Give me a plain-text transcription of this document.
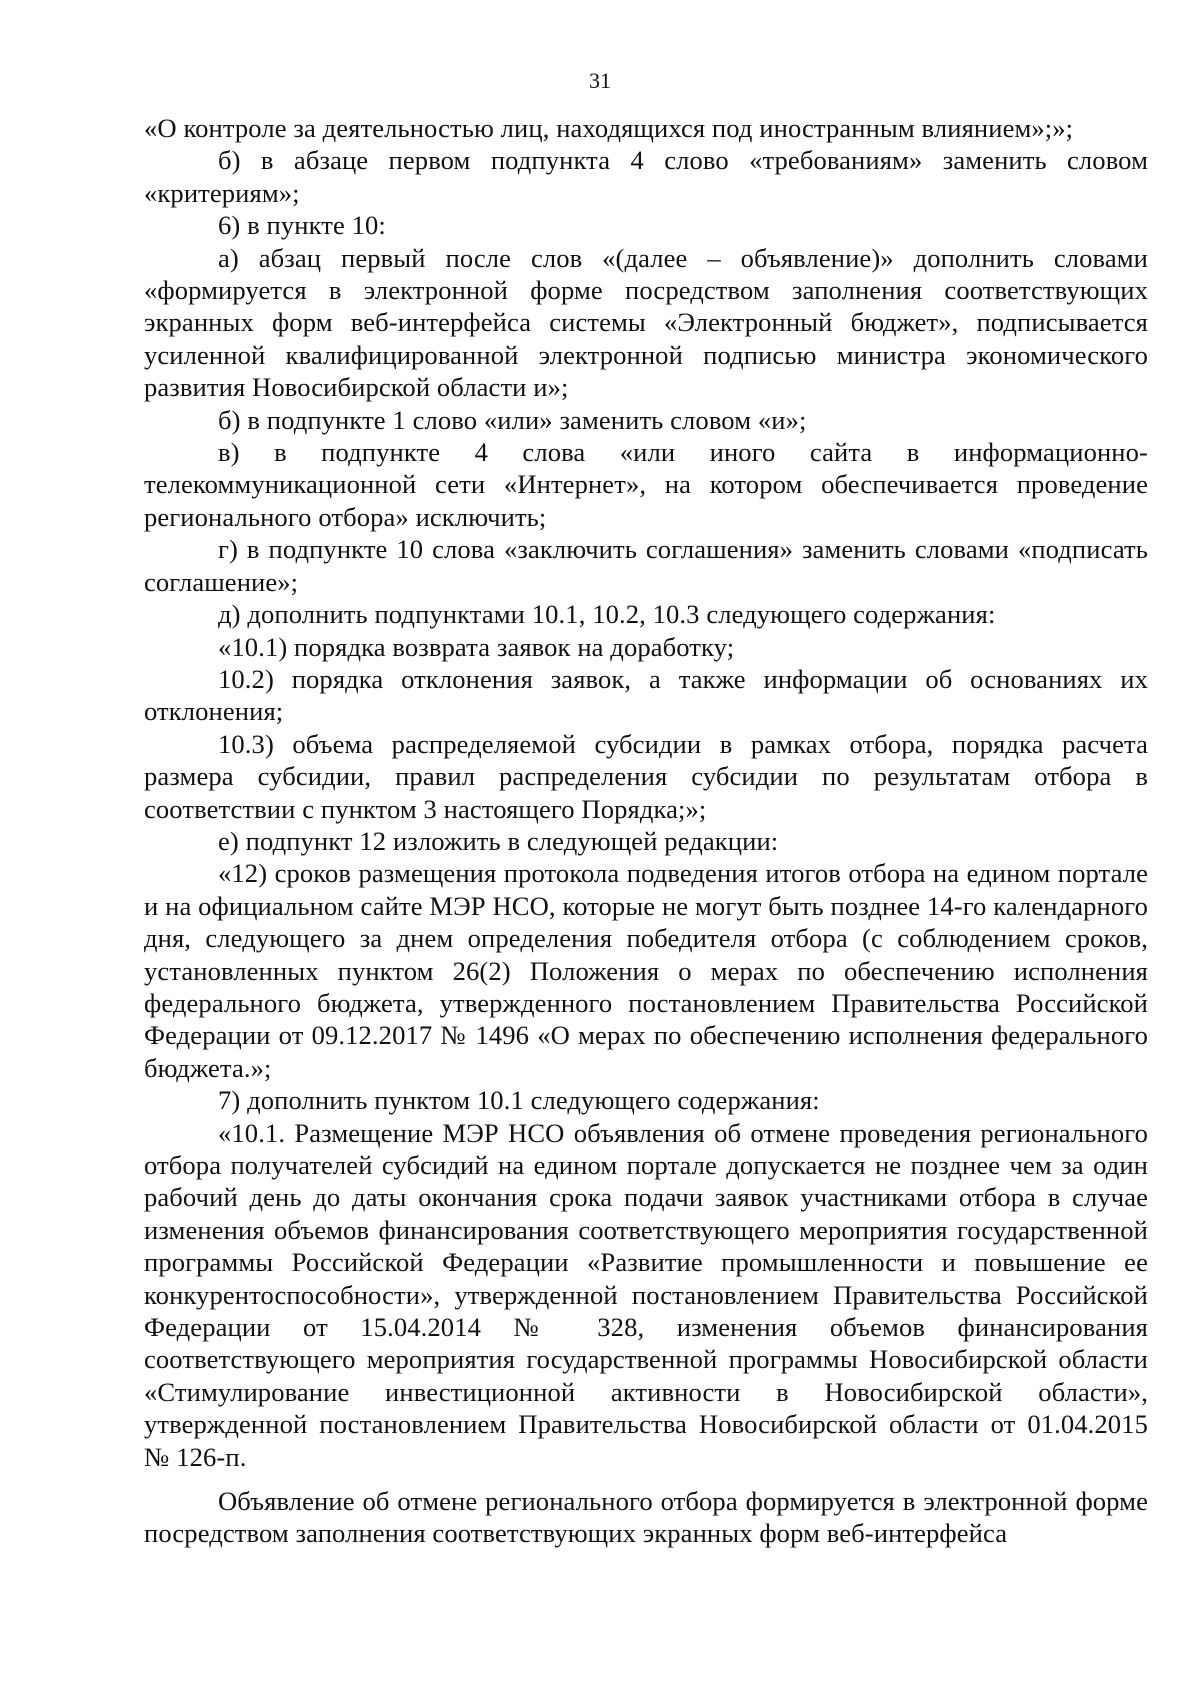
31

«О контроле за деятельностью лиц, находящихся под иностранным влиянием»;»;

б) в абзаце первом подпункта 4 слово «требованиям» заменить словом «критериям»;

6) в пункте 10:

а) абзац первый после слов «(далее – объявление)» дополнить словами «формируется в электронной форме посредством заполнения соответствующих экранных форм веб-интерфейса системы «Электронный бюджет», подписывается усиленной квалифицированной электронной подписью министра экономического развития Новосибирской области и»;

б) в подпункте 1 слово «или» заменить словом «и»;

в) в подпункте 4 слова «или иного сайта в информационно-телекоммуникационной сети «Интернет», на котором обеспечивается проведение регионального отбора» исключить;

г) в подпункте 10 слова «заключить соглашения» заменить словами «подписать соглашение»;

д) дополнить подпунктами 10.1, 10.2, 10.3 следующего содержания:

«10.1) порядка возврата заявок на доработку;

10.2) порядка отклонения заявок, а также информации об основаниях их отклонения;

10.3) объема распределяемой субсидии в рамках отбора, порядка расчета размера субсидии, правил распределения субсидии по результатам отбора в соответствии с пунктом 3 настоящего Порядка;»;

е) подпункт 12 изложить в следующей редакции:

«12) сроков размещения протокола подведения итогов отбора на едином портале и на официальном сайте МЭР НСО, которые не могут быть позднее 14-го календарного дня, следующего за днем определения победителя отбора (с соблюдением сроков, установленных пунктом 26(2) Положения о мерах по обеспечению исполнения федерального бюджета, утвержденного постановлением Правительства Российской Федерации от 09.12.2017 № 1496 «О мерах по обеспечению исполнения федерального бюджета.»;

7) дополнить пунктом 10.1 следующего содержания:

«10.1. Размещение МЭР НСО объявления об отмене проведения регионального отбора получателей субсидий на едином портале допускается не позднее чем за один рабочий день до даты окончания срока подачи заявок участниками отбора в случае изменения объемов финансирования соответствующего мероприятия государственной программы Российской Федерации «Развитие промышленности и повышение ее конкурентоспособности», утвержденной постановлением Правительства Российской Федерации от 15.04.2014 № 328, изменения объемов финансирования соответствующего мероприятия государственной программы Новосибирской области «Стимулирование инвестиционной активности в Новосибирской области», утвержденной постановлением Правительства Новосибирской области от 01.04.2015 № 126-п.

Объявление об отмене регионального отбора формируется в электронной форме посредством заполнения соответствующих экранных форм веб-интерфейса
